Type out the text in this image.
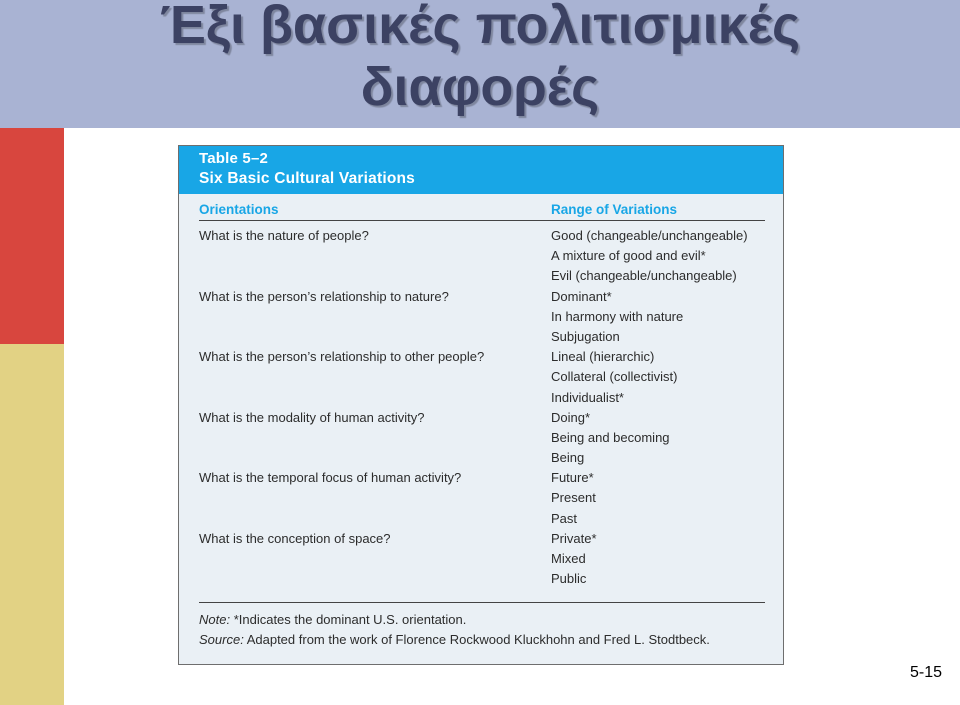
Έξι βασικές πολιτισμικές
διαφορές
Table 5–2
Six Basic Cultural Variations
Orientations	Range of Variations
What is the nature of people?	Good (changeable/unchangeable)
A mixture of good and evil*
Evil (changeable/unchangeable)
What is the person’s relationship to nature?	Dominant*
In harmony with nature
Subjugation
What is the person’s relationship to other people?	Lineal (hierarchic)
Collateral (collectivist)
Individualist*
What is the modality of human activity?	Doing*
Being and becoming
Being
What is the temporal focus of human activity?	Future*
Present
Past
What is the conception of space?	Private*
Mixed
Public
Note: *Indicates the dominant U.S. orientation.
Source: Adapted from the work of Florence Rockwood Kluckhohn and Fred L. Stodtbeck.
5-15
